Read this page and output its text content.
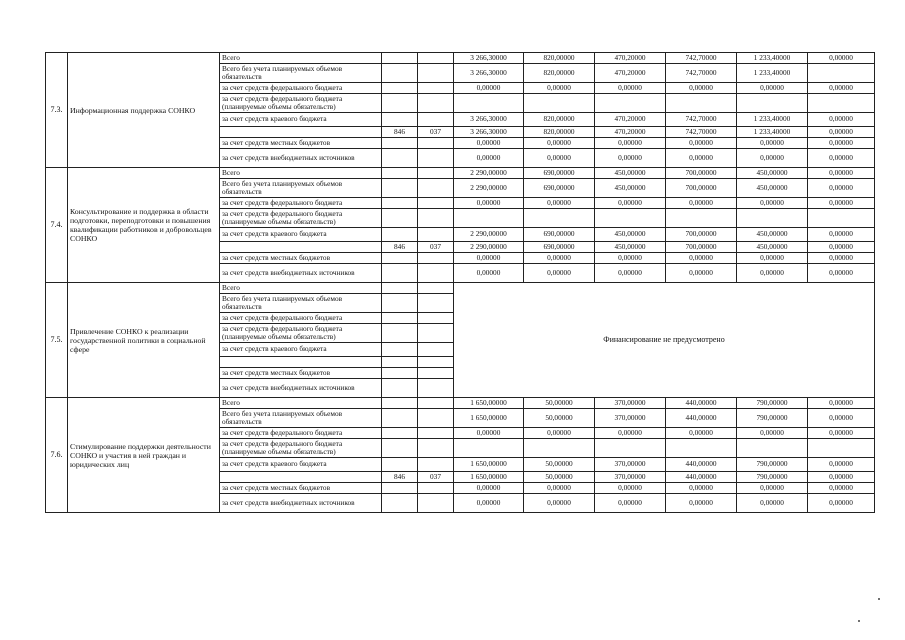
7.3.	Информационная поддержка СОНКО	Всего			3 266,30000	820,00000	470,20000	742,70000	1 233,40000	0,00000
		Всего без учета планируемых объемов обязательств			3 266,30000	820,00000	470,20000	742,70000	1 233,40000	
		за счет средств федерального бюджета			0,00000	0,00000	0,00000	0,00000	0,00000	0,00000
		за счет средств федерального бюджета (планируемые объемы обязательств)								
		за счет средств краевого бюджета			3 266,30000	820,00000	470,20000	742,70000	1 233,40000	0,00000
			846	037	3 266,30000	820,00000	470,20000	742,70000	1 233,40000	0,00000
		за счет средств местных бюджетов			0,00000	0,00000	0,00000	0,00000	0,00000	0,00000
		за счет средств внебюджетных источников			0,00000	0,00000	0,00000	0,00000	0,00000	0,00000
7.4.	Консультирование и поддержка в области подготовки, переподготовки и повышения квалификации работников и добровольцев СОНКО	Всего			2 290,00000	690,00000	450,00000	700,00000	450,00000	0,00000
		Всего без учета планируемых объемов обязательств			2 290,00000	690,00000	450,00000	700,00000	450,00000	0,00000
		за счет средств федерального бюджета			0,00000	0,00000	0,00000	0,00000	0,00000	0,00000
		за счет средств федерального бюджета (планируемые объемы обязательств)								
		за счет средств краевого бюджета			2 290,00000	690,00000	450,00000	700,00000	450,00000	0,00000
			846	037	2 290,00000	690,00000	450,00000	700,00000	450,00000	0,00000
		за счет средств местных бюджетов			0,00000	0,00000	0,00000	0,00000	0,00000	0,00000
		за счет средств внебюджетных источников			0,00000	0,00000	0,00000	0,00000	0,00000	0,00000
7.5.	Привлечение СОНКО к реализации государственной политики в социальной сфере	Всего			Финансирование не предусмотрено					
		Всего без учета планируемых объемов обязательств								
		за счет средств федерального бюджета								
		за счет средств федерального бюджета (планируемые объемы обязательств)								
		за счет средств краевого бюджета								

		за счет средств местных бюджетов								
		за счет средств внебюджетных источников								
7.6.	Стимулирование поддержки деятельности СОНКО и участия в ней граждан и юридических лиц	Всего			1 650,00000	50,00000	370,00000	440,00000	790,00000	0,00000
		Всего без учета планируемых объемов обязательств			1 650,00000	50,00000	370,00000	440,00000	790,00000	0,00000
		за счет средств федерального бюджета			0,00000	0,00000	0,00000	0,00000	0,00000	0,00000
		за счет средств федерального бюджета (планируемые объемы обязательств)								
		за счет средств краевого бюджета			1 650,00000	50,00000	370,00000	440,00000	790,00000	0,00000
			846	037	1 650,00000	50,00000	370,00000	440,00000	790,00000	0,00000
		за счет средств местных бюджетов			0,00000	0,00000	0,00000	0,00000	0,00000	0,00000
		за счет средств внебюджетных источников			0,00000	0,00000	0,00000	0,00000	0,00000	0,00000
